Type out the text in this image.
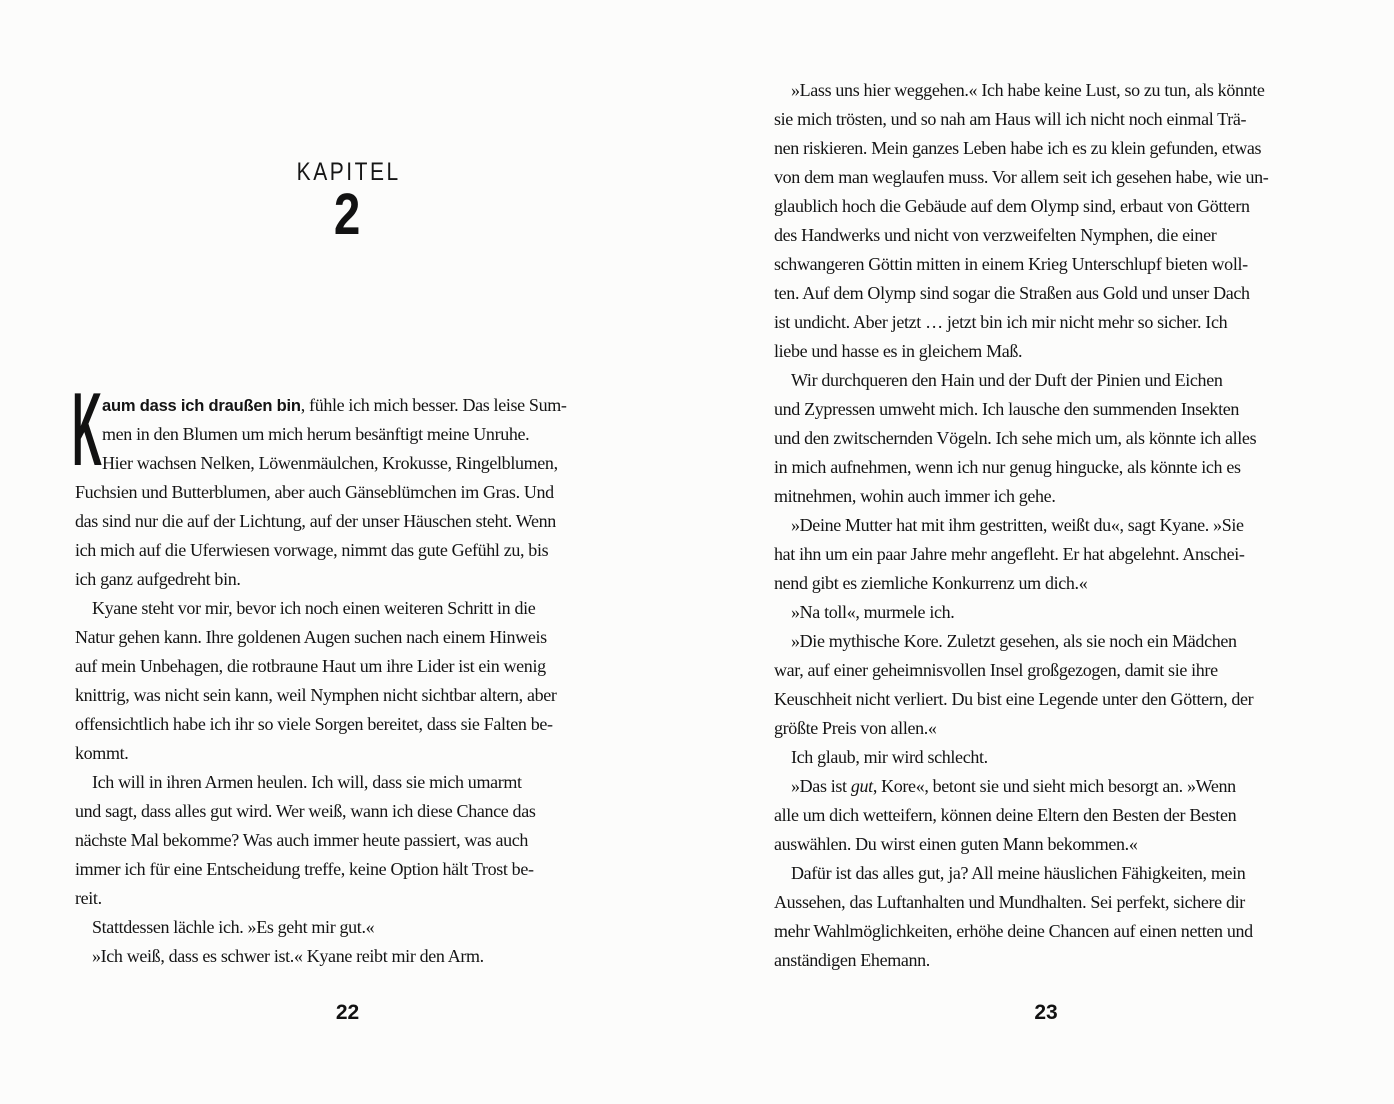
KAPITEL
2
K aum dass ich draußen bin, fühle ich mich besser. Das leise Sum-
men in den Blumen um mich herum besänftigt meine Unruhe.
Hier wachsen Nelken, Löwenmäulchen, Krokusse, Ringelblumen,
Fuchsien und Butterblumen, aber auch Gänseblümchen im Gras. Und
das sind nur die auf der Lichtung, auf der unser Häuschen steht. Wenn
ich mich auf die Uferwiesen vorwage, nimmt das gute Gefühl zu, bis
ich ganz aufgedreht bin.
Kyane steht vor mir, bevor ich noch einen weiteren Schritt in die
Natur gehen kann. Ihre goldenen Augen suchen nach einem Hinweis
auf mein Unbehagen, die rotbraune Haut um ihre Lider ist ein wenig
knittrig, was nicht sein kann, weil Nymphen nicht sichtbar altern, aber
offensichtlich habe ich ihr so viele Sorgen bereitet, dass sie Falten be-
kommt.
Ich will in ihren Armen heulen. Ich will, dass sie mich umarmt
und sagt, dass alles gut wird. Wer weiß, wann ich diese Chance das
nächste Mal bekomme? Was auch immer heute passiert, was auch
immer ich für eine Entscheidung treffe, keine Option hält Trost be-
reit.
Stattdessen lächle ich. »Es geht mir gut.«
»Ich weiß, dass es schwer ist.« Kyane reibt mir den Arm.
»Lass uns hier weggehen.« Ich habe keine Lust, so zu tun, als könnte
sie mich trösten, und so nah am Haus will ich nicht noch einmal Trä-
nen riskieren. Mein ganzes Leben habe ich es zu klein gefunden, etwas
von dem man weglaufen muss. Vor allem seit ich gesehen habe, wie un-
glaublich hoch die Gebäude auf dem Olymp sind, erbaut von Göttern
des Handwerks und nicht von verzweifelten Nymphen, die einer
schwangeren Göttin mitten in einem Krieg Unterschlupf bieten woll-
ten. Auf dem Olymp sind sogar die Straßen aus Gold und unser Dach
ist undicht. Aber jetzt … jetzt bin ich mir nicht mehr so sicher. Ich
liebe und hasse es in gleichem Maß.
Wir durchqueren den Hain und der Duft der Pinien und Eichen
und Zypressen umweht mich. Ich lausche den summenden Insekten
und den zwitschernden Vögeln. Ich sehe mich um, als könnte ich alles
in mich aufnehmen, wenn ich nur genug hingucke, als könnte ich es
mitnehmen, wohin auch immer ich gehe.
»Deine Mutter hat mit ihm gestritten, weißt du«, sagt Kyane. »Sie
hat ihn um ein paar Jahre mehr angefleht. Er hat abgelehnt. Anschei-
nend gibt es ziemliche Konkurrenz um dich.«
»Na toll«, murmele ich.
»Die mythische Kore. Zuletzt gesehen, als sie noch ein Mädchen
war, auf einer geheimnisvollen Insel großgezogen, damit sie ihre
Keuschheit nicht verliert. Du bist eine Legende unter den Göttern, der
größte Preis von allen.«
Ich glaub, mir wird schlecht.
»Das ist gut, Kore«, betont sie und sieht mich besorgt an. »Wenn
alle um dich wetteifern, können deine Eltern den Besten der Besten
auswählen. Du wirst einen guten Mann bekommen.«
Dafür ist das alles gut, ja? All meine häuslichen Fähigkeiten, mein
Aussehen, das Luftanhalten und Mundhalten. Sei perfekt, sichere dir
mehr Wahlmöglichkeiten, erhöhe deine Chancen auf einen netten und
anständigen Ehemann.
22	23
